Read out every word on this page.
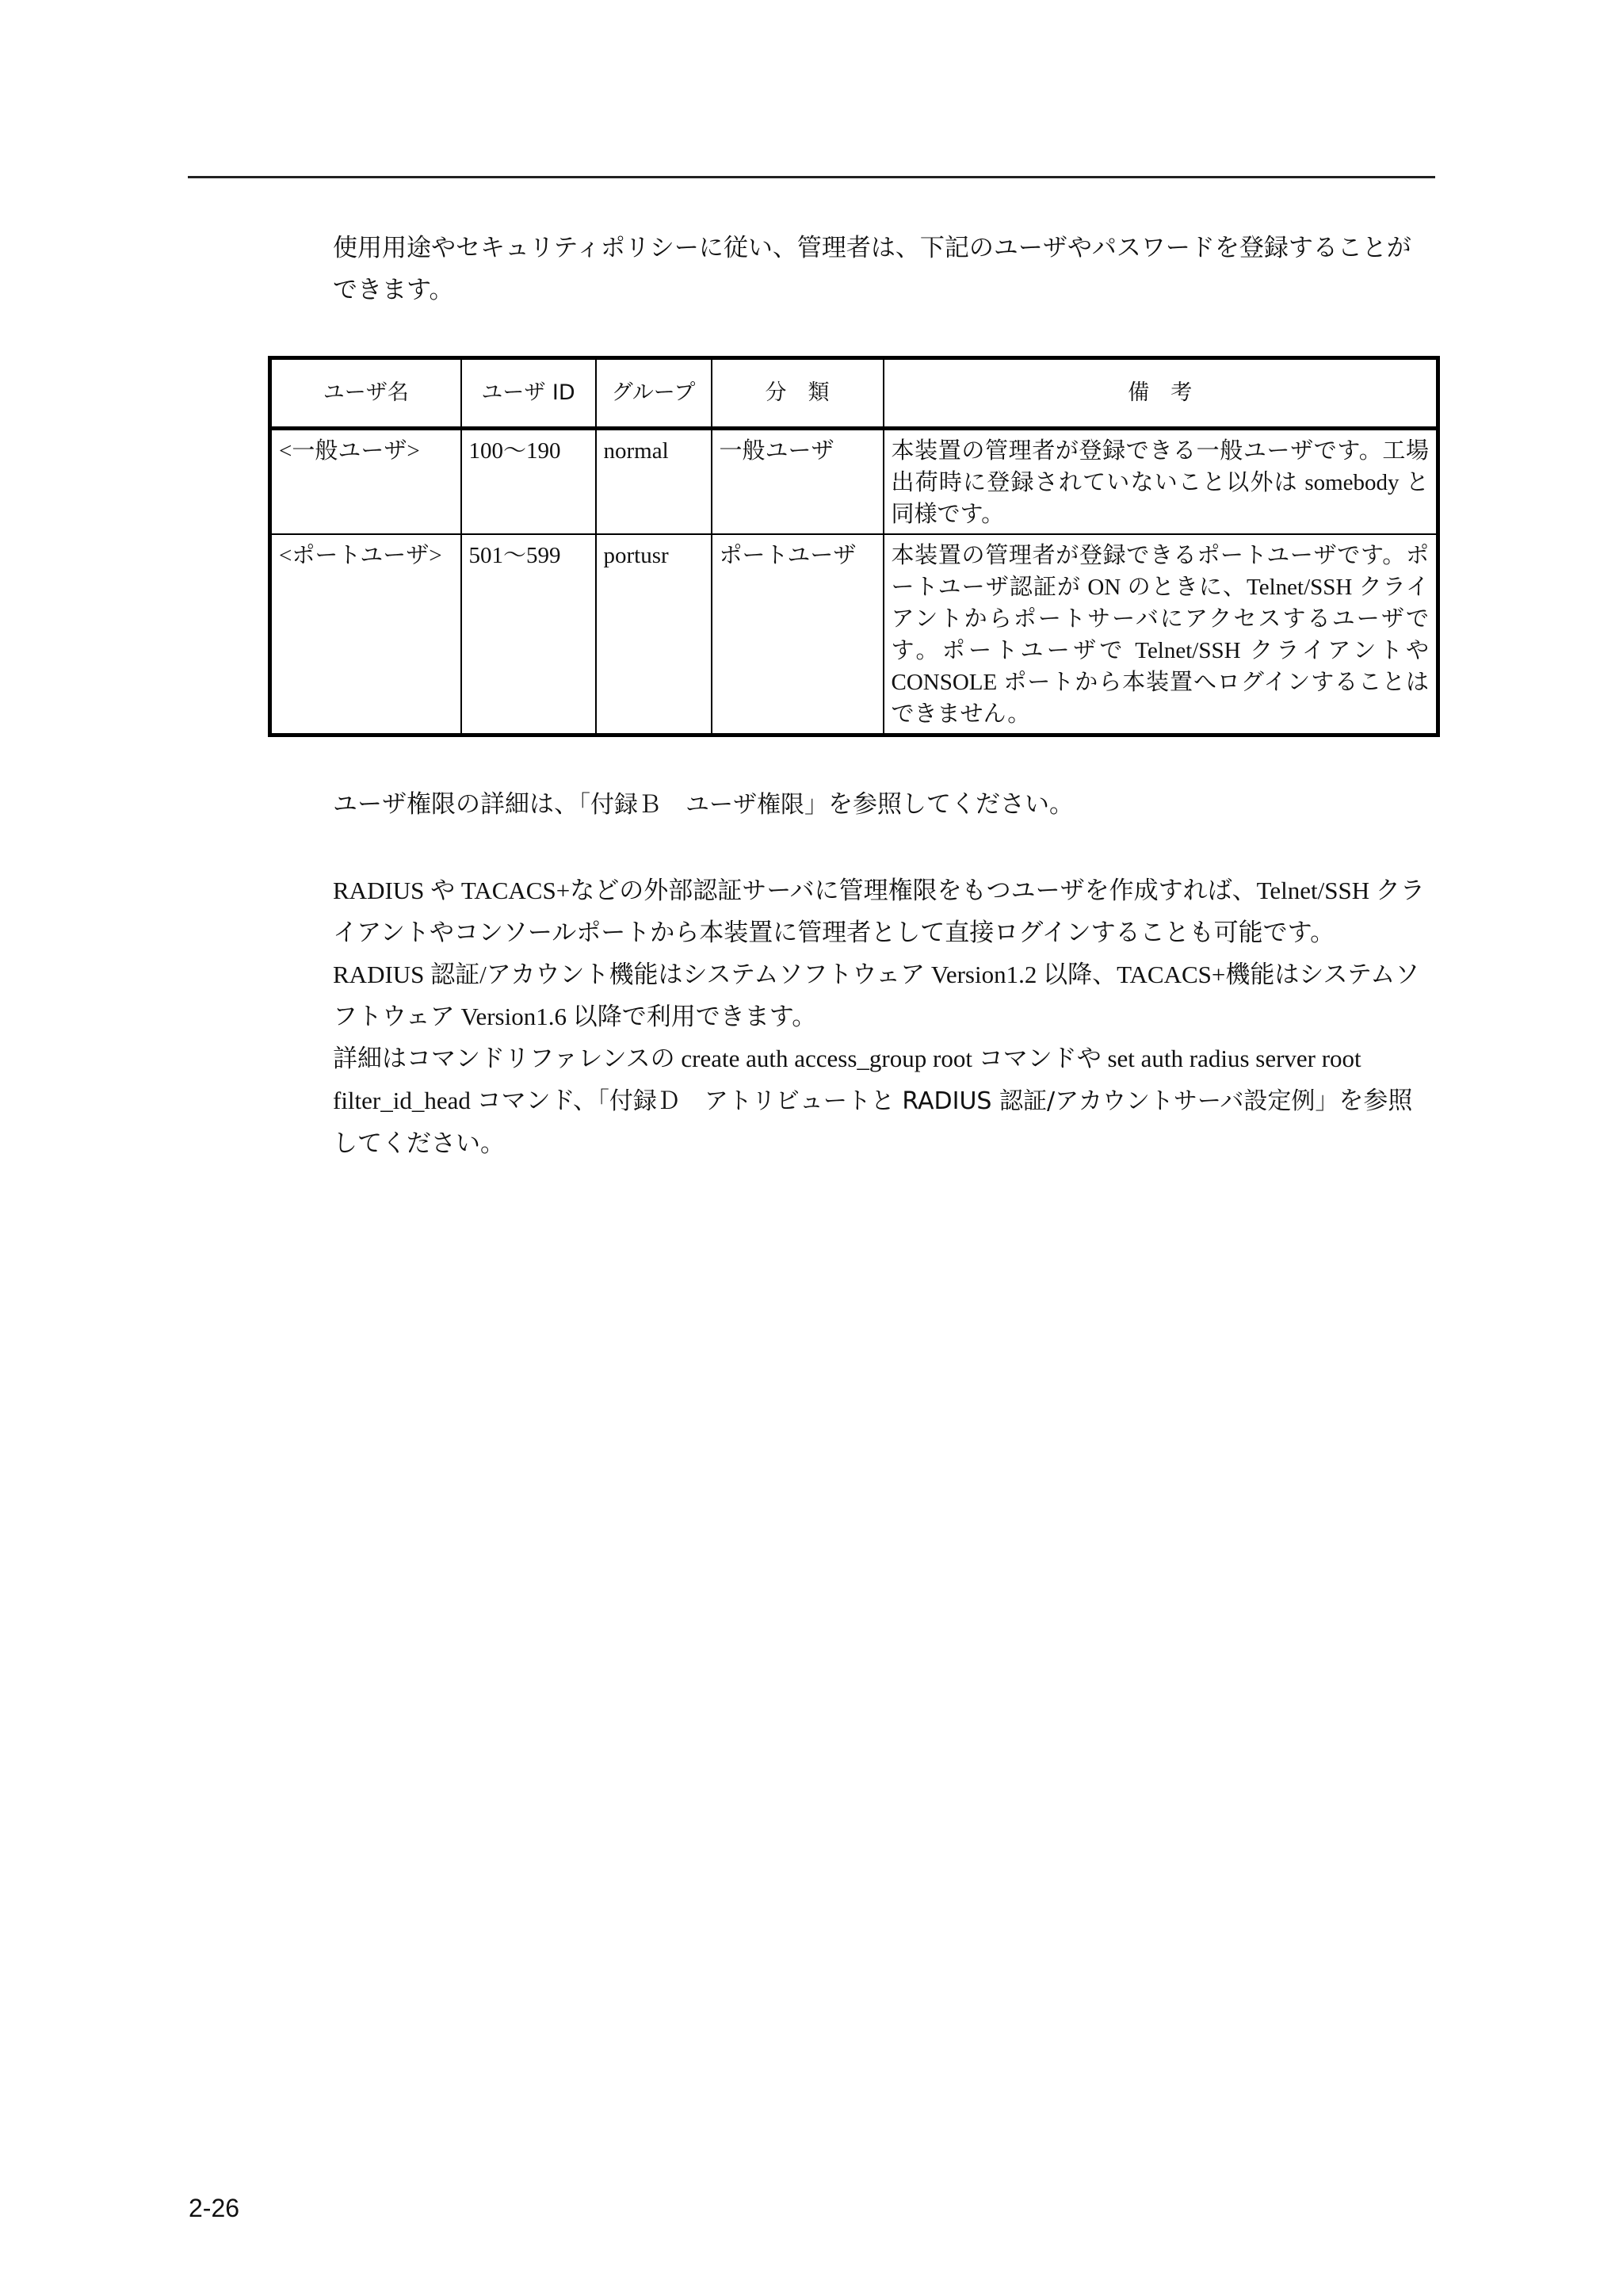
使用用途やセキュリティポリシーに従い、管理者は、下記のユーザやパスワードを登録することができます。

ユーザ名	ユーザ ID	グループ	分　類	備　考
<一般ユーザ>	100～190	normal	一般ユーザ	本装置の管理者が登録できる一般ユーザです。工場出荷時に登録されていないこと以外は somebody と同様です。
<ポートユーザ>	501～599	portusr	ポートユーザ	本装置の管理者が登録できるポートユーザです。ポートユーザ認証が ON のときに、Telnet/SSH クライアントからポートサーバにアクセスするユーザです。ポートユーザで Telnet/SSH クライアントや CONSOLE ポートから本装置へログインすることはできません。

ユーザ権限の詳細は、「付録Ｂ　ユーザ権限」を参照してください。

RADIUS や TACACS+などの外部認証サーバに管理権限をもつユーザを作成すれば、Telnet/SSH クライアントやコンソールポートから本装置に管理者として直接ログインすることも可能です。
RADIUS 認証/アカウント機能はシステムソフトウェア Version1.2 以降、TACACS+機能はシステムソフトウェア Version1.6 以降で利用できます。
詳細はコマンドリファレンスの create auth access_group root コマンドや set auth radius server root filter_id_head コマンド、「付録Ｄ　アトリビュートと RADIUS 認証/アカウントサーバ設定例」を参照してください。
2-26
